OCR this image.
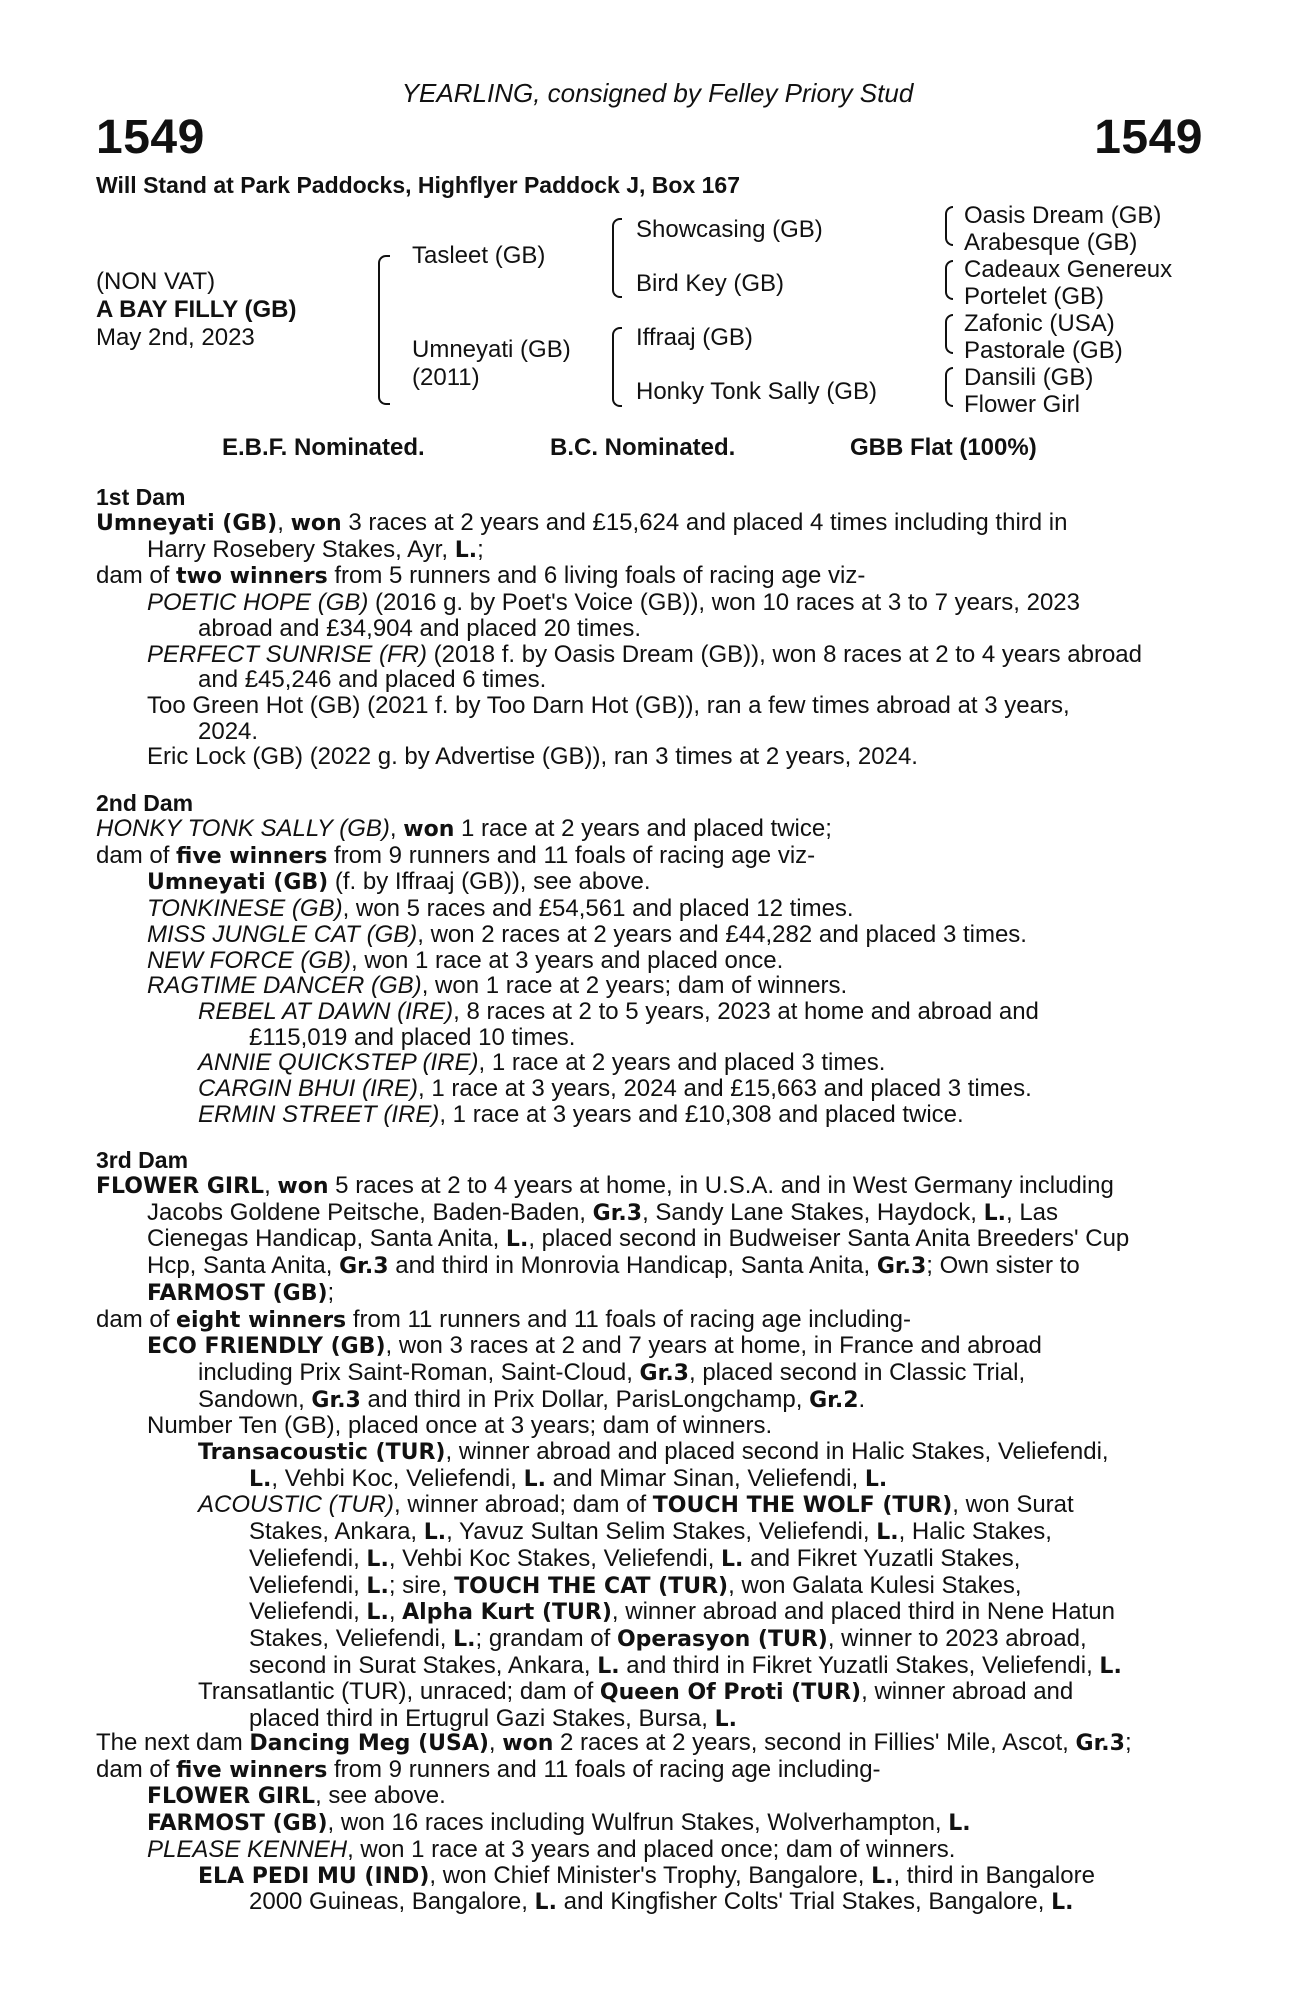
YEARLING, consigned by Felley Priory Stud
1549	1549
Will Stand at Park Paddocks, Highflyer Paddock J, Box 167
(NON VAT)
A BAY FILLY (GB)
May 2nd, 2023
Tasleet (GB)
Umneyati (GB)
(2011)
Showcasing (GB)
Bird Key (GB)
Iffraaj (GB)
Honky Tonk Sally (GB)
Oasis Dream (GB)
Arabesque (GB)
Cadeaux Genereux
Portelet (GB)
Zafonic (USA)
Pastorale (GB)
Dansili (GB)
Flower Girl
E.B.F. Nominated.	B.C. Nominated.	GBB Flat (100%)
1st Dam
Umneyati (GB), won 3 races at 2 years and £15,624 and placed 4 times including third in
Harry Rosebery Stakes, Ayr, L.;
dam of two winners from 5 runners and 6 living foals of racing age viz-
POETIC HOPE (GB) (2016 g. by Poet's Voice (GB)), won 10 races at 3 to 7 years, 2023
abroad and £34,904 and placed 20 times.
PERFECT SUNRISE (FR) (2018 f. by Oasis Dream (GB)), won 8 races at 2 to 4 years abroad
and £45,246 and placed 6 times.
Too Green Hot (GB) (2021 f. by Too Darn Hot (GB)), ran a few times abroad at 3 years,
2024.
Eric Lock (GB) (2022 g. by Advertise (GB)), ran 3 times at 2 years, 2024.
2nd Dam
HONKY TONK SALLY (GB), won 1 race at 2 years and placed twice;
dam of five winners from 9 runners and 11 foals of racing age viz-
Umneyati (GB) (f. by Iffraaj (GB)), see above.
TONKINESE (GB), won 5 races and £54,561 and placed 12 times.
MISS JUNGLE CAT (GB), won 2 races at 2 years and £44,282 and placed 3 times.
NEW FORCE (GB), won 1 race at 3 years and placed once.
RAGTIME DANCER (GB), won 1 race at 2 years; dam of winners.
REBEL AT DAWN (IRE), 8 races at 2 to 5 years, 2023 at home and abroad and
£115,019 and placed 10 times.
ANNIE QUICKSTEP (IRE), 1 race at 2 years and placed 3 times.
CARGIN BHUI (IRE), 1 race at 3 years, 2024 and £15,663 and placed 3 times.
ERMIN STREET (IRE), 1 race at 3 years and £10,308 and placed twice.
3rd Dam
FLOWER GIRL, won 5 races at 2 to 4 years at home, in U.S.A. and in West Germany including
Jacobs Goldene Peitsche, Baden-Baden, Gr.3, Sandy Lane Stakes, Haydock, L., Las
Cienegas Handicap, Santa Anita, L., placed second in Budweiser Santa Anita Breeders' Cup
Hcp, Santa Anita, Gr.3 and third in Monrovia Handicap, Santa Anita, Gr.3; Own sister to
FARMOST (GB);
dam of eight winners from 11 runners and 11 foals of racing age including-
ECO FRIENDLY (GB), won 3 races at 2 and 7 years at home, in France and abroad
including Prix Saint-Roman, Saint-Cloud, Gr.3, placed second in Classic Trial,
Sandown, Gr.3 and third in Prix Dollar, ParisLongchamp, Gr.2.
Number Ten (GB), placed once at 3 years; dam of winners.
Transacoustic (TUR), winner abroad and placed second in Halic Stakes, Veliefendi,
L., Vehbi Koc, Veliefendi, L. and Mimar Sinan, Veliefendi, L.
ACOUSTIC (TUR), winner abroad; dam of TOUCH THE WOLF (TUR), won Surat
Stakes, Ankara, L., Yavuz Sultan Selim Stakes, Veliefendi, L., Halic Stakes,
Veliefendi, L., Vehbi Koc Stakes, Veliefendi, L. and Fikret Yuzatli Stakes,
Veliefendi, L.; sire, TOUCH THE CAT (TUR), won Galata Kulesi Stakes,
Veliefendi, L., Alpha Kurt (TUR), winner abroad and placed third in Nene Hatun
Stakes, Veliefendi, L.; grandam of Operasyon (TUR), winner to 2023 abroad,
second in Surat Stakes, Ankara, L. and third in Fikret Yuzatli Stakes, Veliefendi, L.
Transatlantic (TUR), unraced; dam of Queen Of Proti (TUR), winner abroad and
placed third in Ertugrul Gazi Stakes, Bursa, L.
The next dam Dancing Meg (USA), won 2 races at 2 years, second in Fillies' Mile, Ascot, Gr.3;
dam of five winners from 9 runners and 11 foals of racing age including-
FLOWER GIRL, see above.
FARMOST (GB), won 16 races including Wulfrun Stakes, Wolverhampton, L.
PLEASE KENNEH, won 1 race at 3 years and placed once; dam of winners.
ELA PEDI MU (IND), won Chief Minister's Trophy, Bangalore, L., third in Bangalore
2000 Guineas, Bangalore, L. and Kingfisher Colts' Trial Stakes, Bangalore, L.
